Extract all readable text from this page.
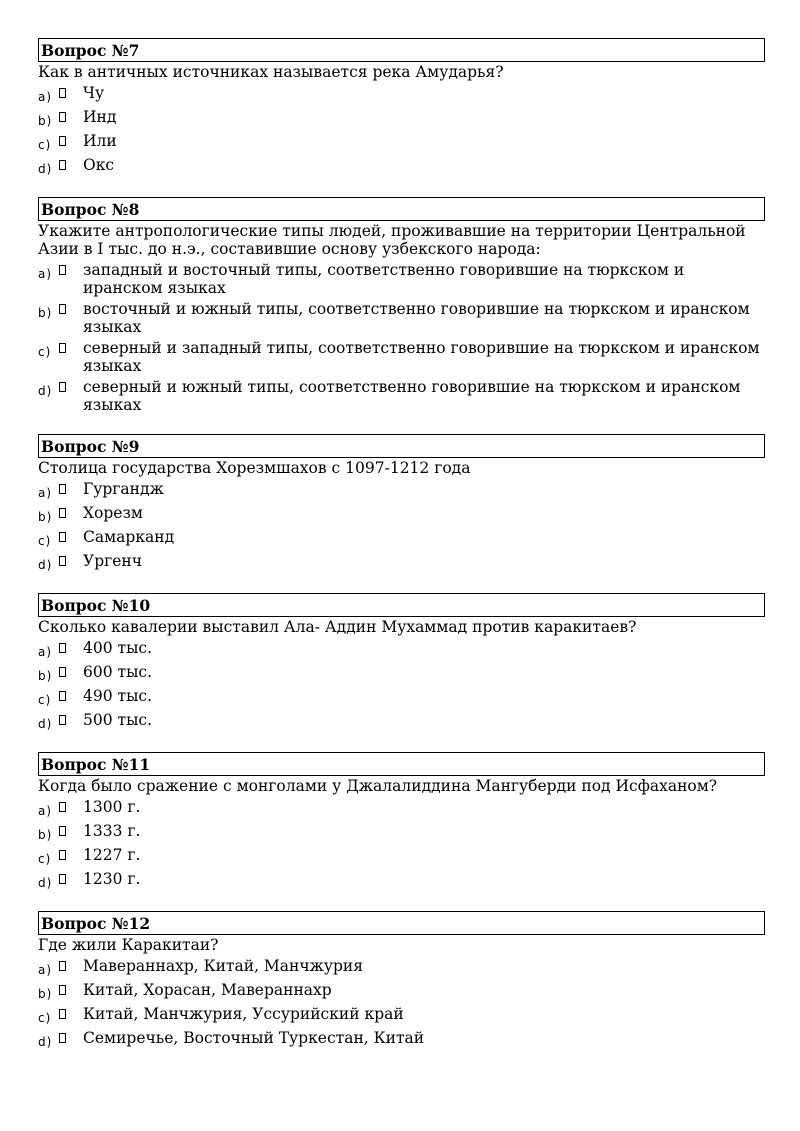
Вопрос №7
Как в античных источниках называется река Амударья?
a) Чу
b) Инд
c) Или
d) Окс
Вопрос №8
Укажите антропологические типы людей, проживавшие на территории Центральной Азии в I тыс. до н.э., составившие основу узбекского народа:
a) западный и восточный типы, соответственно говорившие на тюркском и иранском языках
b) восточный и южный типы, соответственно говорившие на тюркском и иранском языках
c) северный и западный типы, соответственно говорившие на тюркском и иранском языках
d) северный и южный типы, соответственно говорившие на тюркском и иранском языках
Вопрос №9
Столица государства Хорезмшахов с 1097-1212 года
a) Гургандж
b) Хорезм
c) Самарканд
d) Ургенч
Вопрос №10
Сколько кавалерии выставил Ала- Аддин Мухаммад против каракитаев?
a) 400 тыс.
b) 600 тыс.
c) 490 тыс.
d) 500 тыс.
Вопрос №11
Когда было сражение с монголами у Джалалиддина Мангуберди под Исфаханом?
a) 1300 г.
b) 1333 г.
c) 1227 г.
d) 1230 г.
Вопрос №12
Где жили Каракитаи?
a) Мавераннахр, Китай, Манчжурия
b) Китай, Хорасан, Мавераннахр
c) Китай, Манчжурия, Уссурийский край
d) Семиречье, Восточный Туркестан, Китай
